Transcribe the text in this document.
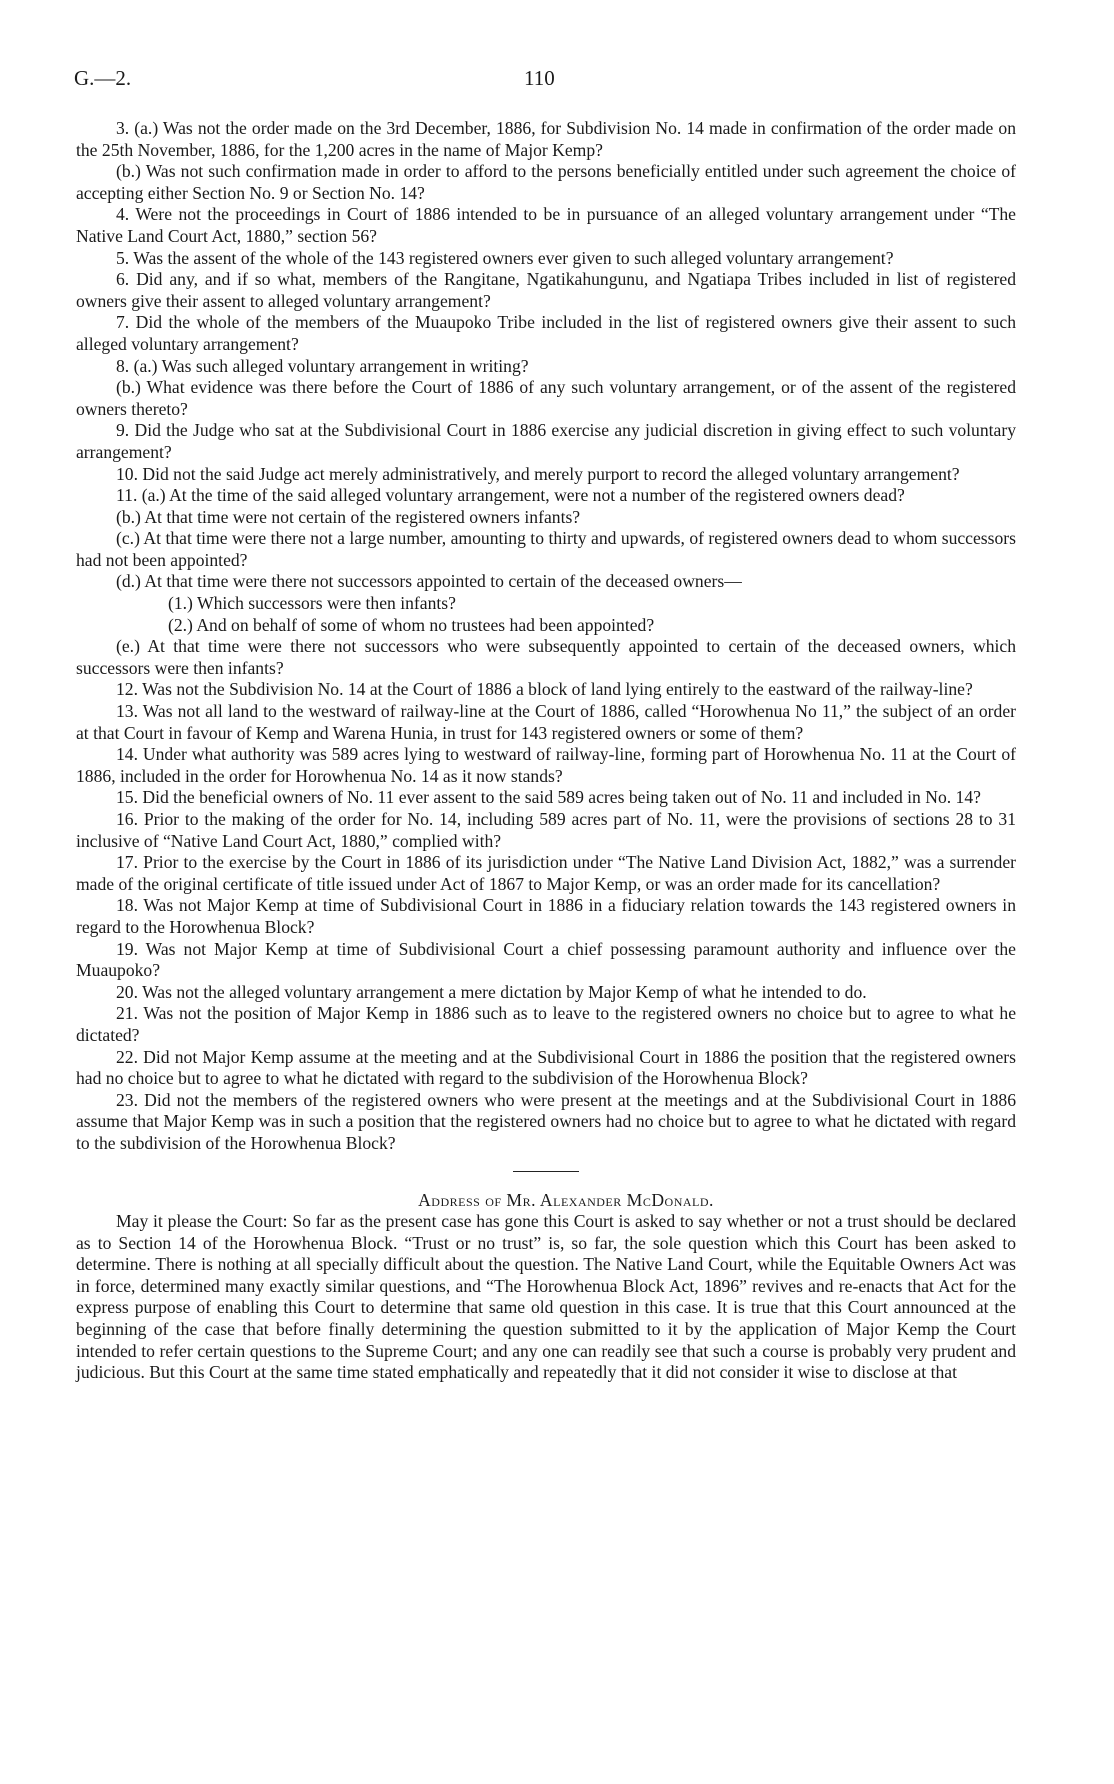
G.—2.	110

3. (a.) Was not the order made on the 3rd December, 1886, for Subdivision No. 14 made in confirmation of the order made on the 25th November, 1886, for the 1,200 acres in the name of Major Kemp?

(b.) Was not such confirmation made in order to afford to the persons beneficially entitled under such agreement the choice of accepting either Section No. 9 or Section No. 14?

4. Were not the proceedings in Court of 1886 intended to be in pursuance of an alleged voluntary arrangement under “The Native Land Court Act, 1880,” section 56?

5. Was the assent of the whole of the 143 registered owners ever given to such alleged voluntary arrangement?

6. Did any, and if so what, members of the Rangitane, Ngatikahungunu, and Ngatiapa Tribes included in list of registered owners give their assent to alleged voluntary arrangement?

7. Did the whole of the members of the Muaupoko Tribe included in the list of registered owners give their assent to such alleged voluntary arrangement?

8. (a.) Was such alleged voluntary arrangement in writing?

(b.) What evidence was there before the Court of 1886 of any such voluntary arrangement, or of the assent of the registered owners thereto?

9. Did the Judge who sat at the Subdivisional Court in 1886 exercise any judicial discretion in giving effect to such voluntary arrangement?

10. Did not the said Judge act merely administratively, and merely purport to record the alleged voluntary arrangement?

11. (a.) At the time of the said alleged voluntary arrangement, were not a number of the registered owners dead?

(b.) At that time were not certain of the registered owners infants?

(c.) At that time were there not a large number, amounting to thirty and upwards, of registered owners dead to whom successors had not been appointed?

(d.) At that time were there not successors appointed to certain of the deceased owners—

(1.) Which successors were then infants?

(2.) And on behalf of some of whom no trustees had been appointed?

(e.) At that time were there not successors who were subsequently appointed to certain of the deceased owners, which successors were then infants?

12. Was not the Subdivision No. 14 at the Court of 1886 a block of land lying entirely to the eastward of the railway-line?

13. Was not all land to the westward of railway-line at the Court of 1886, called “Horowhenua No 11,” the subject of an order at that Court in favour of Kemp and Warena Hunia, in trust for 143 registered owners or some of them?

14. Under what authority was 589 acres lying to westward of railway-line, forming part of Horowhenua No. 11 at the Court of 1886, included in the order for Horowhenua No. 14 as it now stands?

15. Did the beneficial owners of No. 11 ever assent to the said 589 acres being taken out of No. 11 and included in No. 14?

16. Prior to the making of the order for No. 14, including 589 acres part of No. 11, were the provisions of sections 28 to 31 inclusive of “Native Land Court Act, 1880,” complied with?

17. Prior to the exercise by the Court in 1886 of its jurisdiction under “The Native Land Division Act, 1882,” was a surrender made of the original certificate of title issued under Act of 1867 to Major Kemp, or was an order made for its cancellation?

18. Was not Major Kemp at time of Subdivisional Court in 1886 in a fiduciary relation towards the 143 registered owners in regard to the Horowhenua Block?

19. Was not Major Kemp at time of Subdivisional Court a chief possessing paramount authority and influence over the Muaupoko?

20. Was not the alleged voluntary arrangement a mere dictation by Major Kemp of what he intended to do.

21. Was not the position of Major Kemp in 1886 such as to leave to the registered owners no choice but to agree to what he dictated?

22. Did not Major Kemp assume at the meeting and at the Subdivisional Court in 1886 the position that the registered owners had no choice but to agree to what he dictated with regard to the subdivision of the Horowhenua Block?

23. Did not the members of the registered owners who were present at the meetings and at the Subdivisional Court in 1886 assume that Major Kemp was in such a position that the registered owners had no choice but to agree to what he dictated with regard to the subdivision of the Horowhenua Block?

Address of Mr. Alexander McDonald.

May it please the Court: So far as the present case has gone this Court is asked to say whether or not a trust should be declared as to Section 14 of the Horowhenua Block. “Trust or no trust” is, so far, the sole question which this Court has been asked to determine. There is nothing at all specially difficult about the question. The Native Land Court, while the Equitable Owners Act was in force, determined many exactly similar questions, and “The Horowhenua Block Act, 1896” revives and re-enacts that Act for the express purpose of enabling this Court to determine that same old question in this case. It is true that this Court announced at the beginning of the case that before finally determining the question submitted to it by the application of Major Kemp the Court intended to refer certain questions to the Supreme Court; and any one can readily see that such a course is probably very prudent and judicious. But this Court at the same time stated emphatically and repeatedly that it did not consider it wise to disclose at that
